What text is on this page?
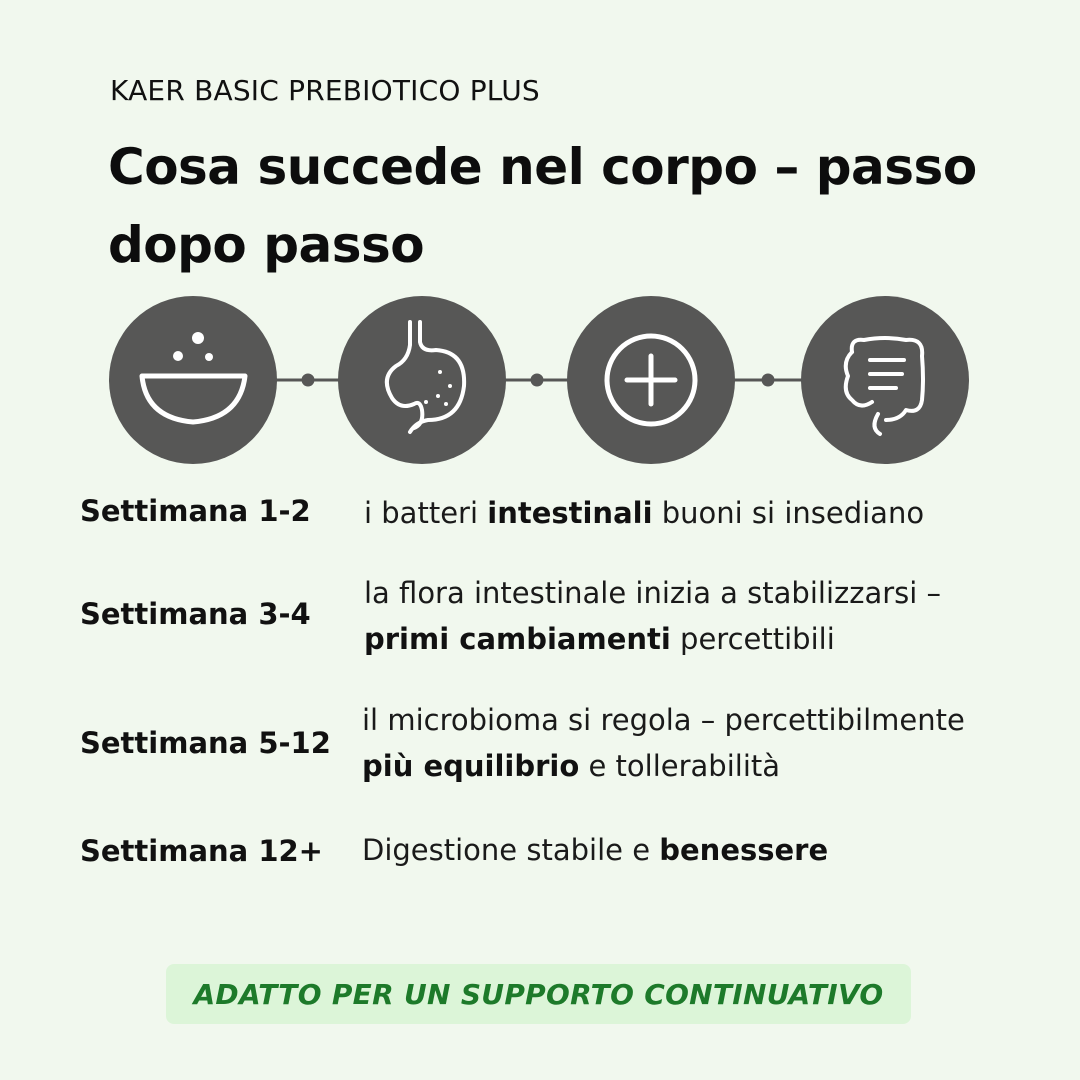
KAER BASIC PREBIOTICO PLUS
Cosa succede nel corpo – passo
dopo passo
Settimana 1-2 i batteri intestinali buoni si insediano
Settimana 3-4
la flora intestinale inizia a stabilizzarsi –
primi cambiamenti percettibili
Settimana 5-12
il microbioma si regola – percettibilmente
più equilibrio e tollerabilità
Settimana 12+ Digestione stabile e benessere
ADATTO PER UN SUPPORTO CONTINUATIVO
